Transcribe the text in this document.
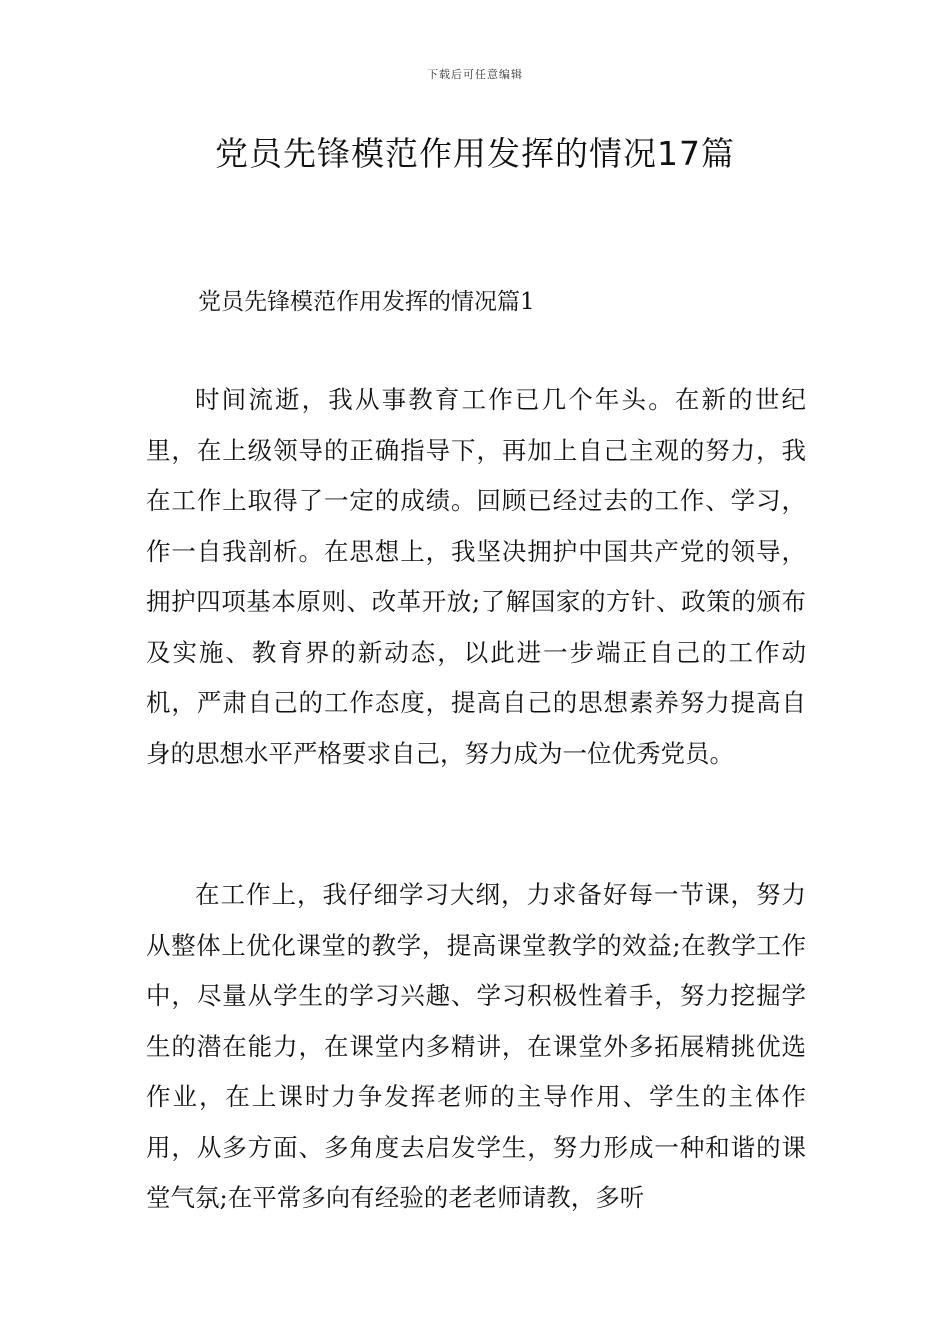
下载后可任意编辑
党员先锋模范作用发挥的情况17篇
党员先锋模范作用发挥的情况篇1

时间流逝，我从事教育工作已几个年头。在新的世纪里，在上级领导的正确指导下，再加上自己主观的努力，我在工作上取得了一定的成绩。回顾已经过去的工作、学习，作一自我剖析。在思想上，我坚决拥护中国共产党的领导，拥护四项基本原则、改革开放;了解国家的方针、政策的颁布及实施、教育界的新动态，以此进一步端正自己的工作动机，严肃自己的工作态度，提高自己的思想素养努力提高自身的思想水平严格要求自己，努力成为一位优秀党员。

在工作上，我仔细学习大纲，力求备好每一节课，努力从整体上优化课堂的教学，提高课堂教学的效益;在教学工作中，尽量从学生的学习兴趣、学习积极性着手，努力挖掘学生的潜在能力，在课堂内多精讲，在课堂外多拓展精挑优选作业，在上课时力争发挥老师的主导作用、学生的主体作用，从多方面、多角度去启发学生，努力形成一种和谐的课堂气氛;在平常多向有经验的老老师请教，多听
